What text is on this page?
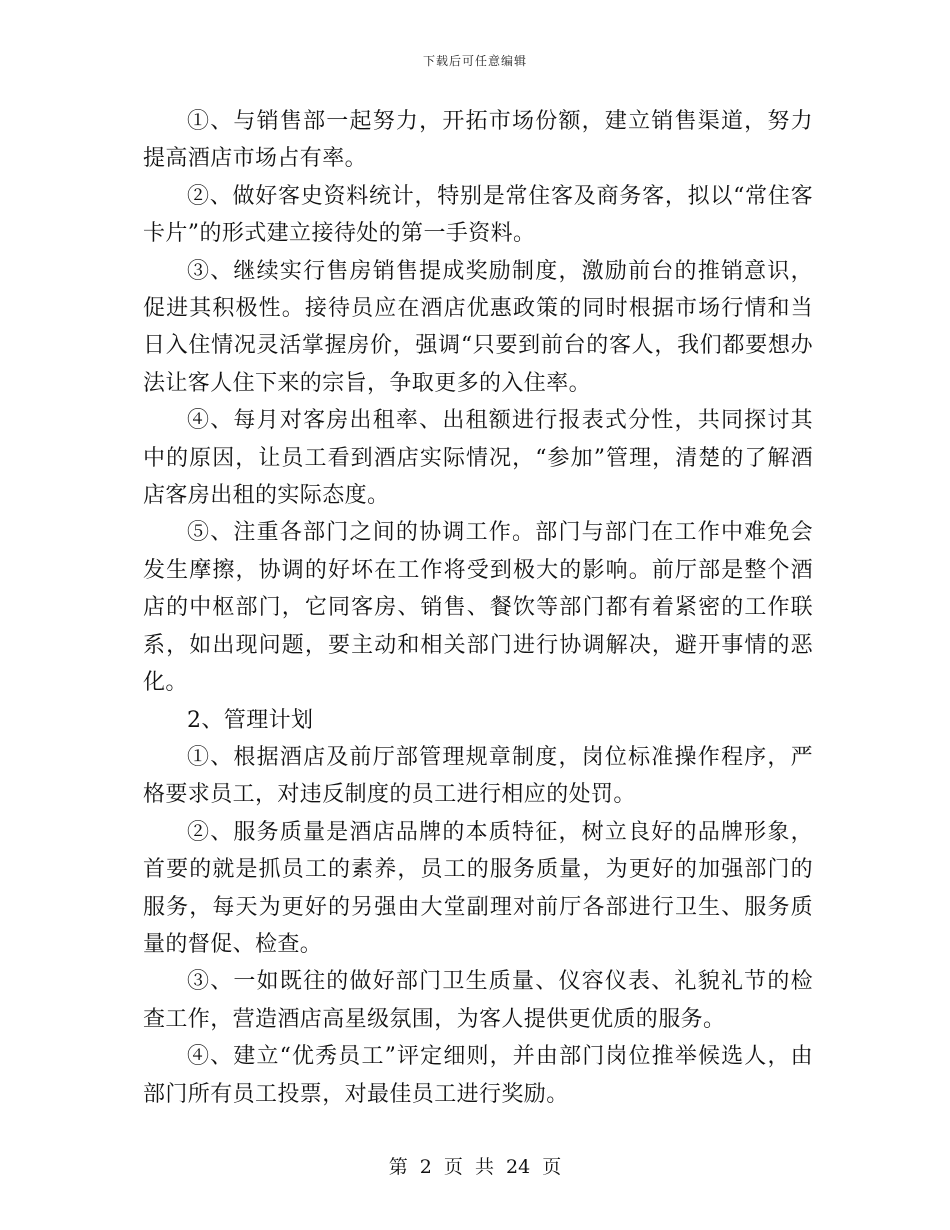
下载后可任意编辑

①、与销售部一起努力，开拓市场份额，建立销售渠道，努力提高酒店市场占有率。

②、做好客史资料统计，特别是常住客及商务客，拟以“常住客卡片”的形式建立接待处的第一手资料。

③、继续实行售房销售提成奖励制度，激励前台的推销意识，促进其积极性。接待员应在酒店优惠政策的同时根据市场行情和当日入住情况灵活掌握房价，强调“只要到前台的客人，我们都要想办法让客人住下来的宗旨，争取更多的入住率。

④、每月对客房出租率、出租额进行报表式分性，共同探讨其中的原因，让员工看到酒店实际情况，“参加”管理，清楚的了解酒店客房出租的实际态度。

⑤、注重各部门之间的协调工作。部门与部门在工作中难免会发生摩擦，协调的好坏在工作将受到极大的影响。前厅部是整个酒店的中枢部门，它同客房、销售、餐饮等部门都有着紧密的工作联系，如出现问题，要主动和相关部门进行协调解决，避开事情的恶化。

2、管理计划

①、根据酒店及前厅部管理规章制度，岗位标准操作程序，严格要求员工，对违反制度的员工进行相应的处罚。

②、服务质量是酒店品牌的本质特征，树立良好的品牌形象，首要的就是抓员工的素养，员工的服务质量，为更好的加强部门的服务，每天为更好的另强由大堂副理对前厅各部进行卫生、服务质量的督促、检查。

③、一如既往的做好部门卫生质量、仪容仪表、礼貌礼节的检查工作，营造酒店高星级氛围，为客人提供更优质的服务。

④、建立“优秀员工”评定细则，并由部门岗位推举候选人，由部门所有员工投票，对最佳员工进行奖励。

第 2 页 共 24 页
